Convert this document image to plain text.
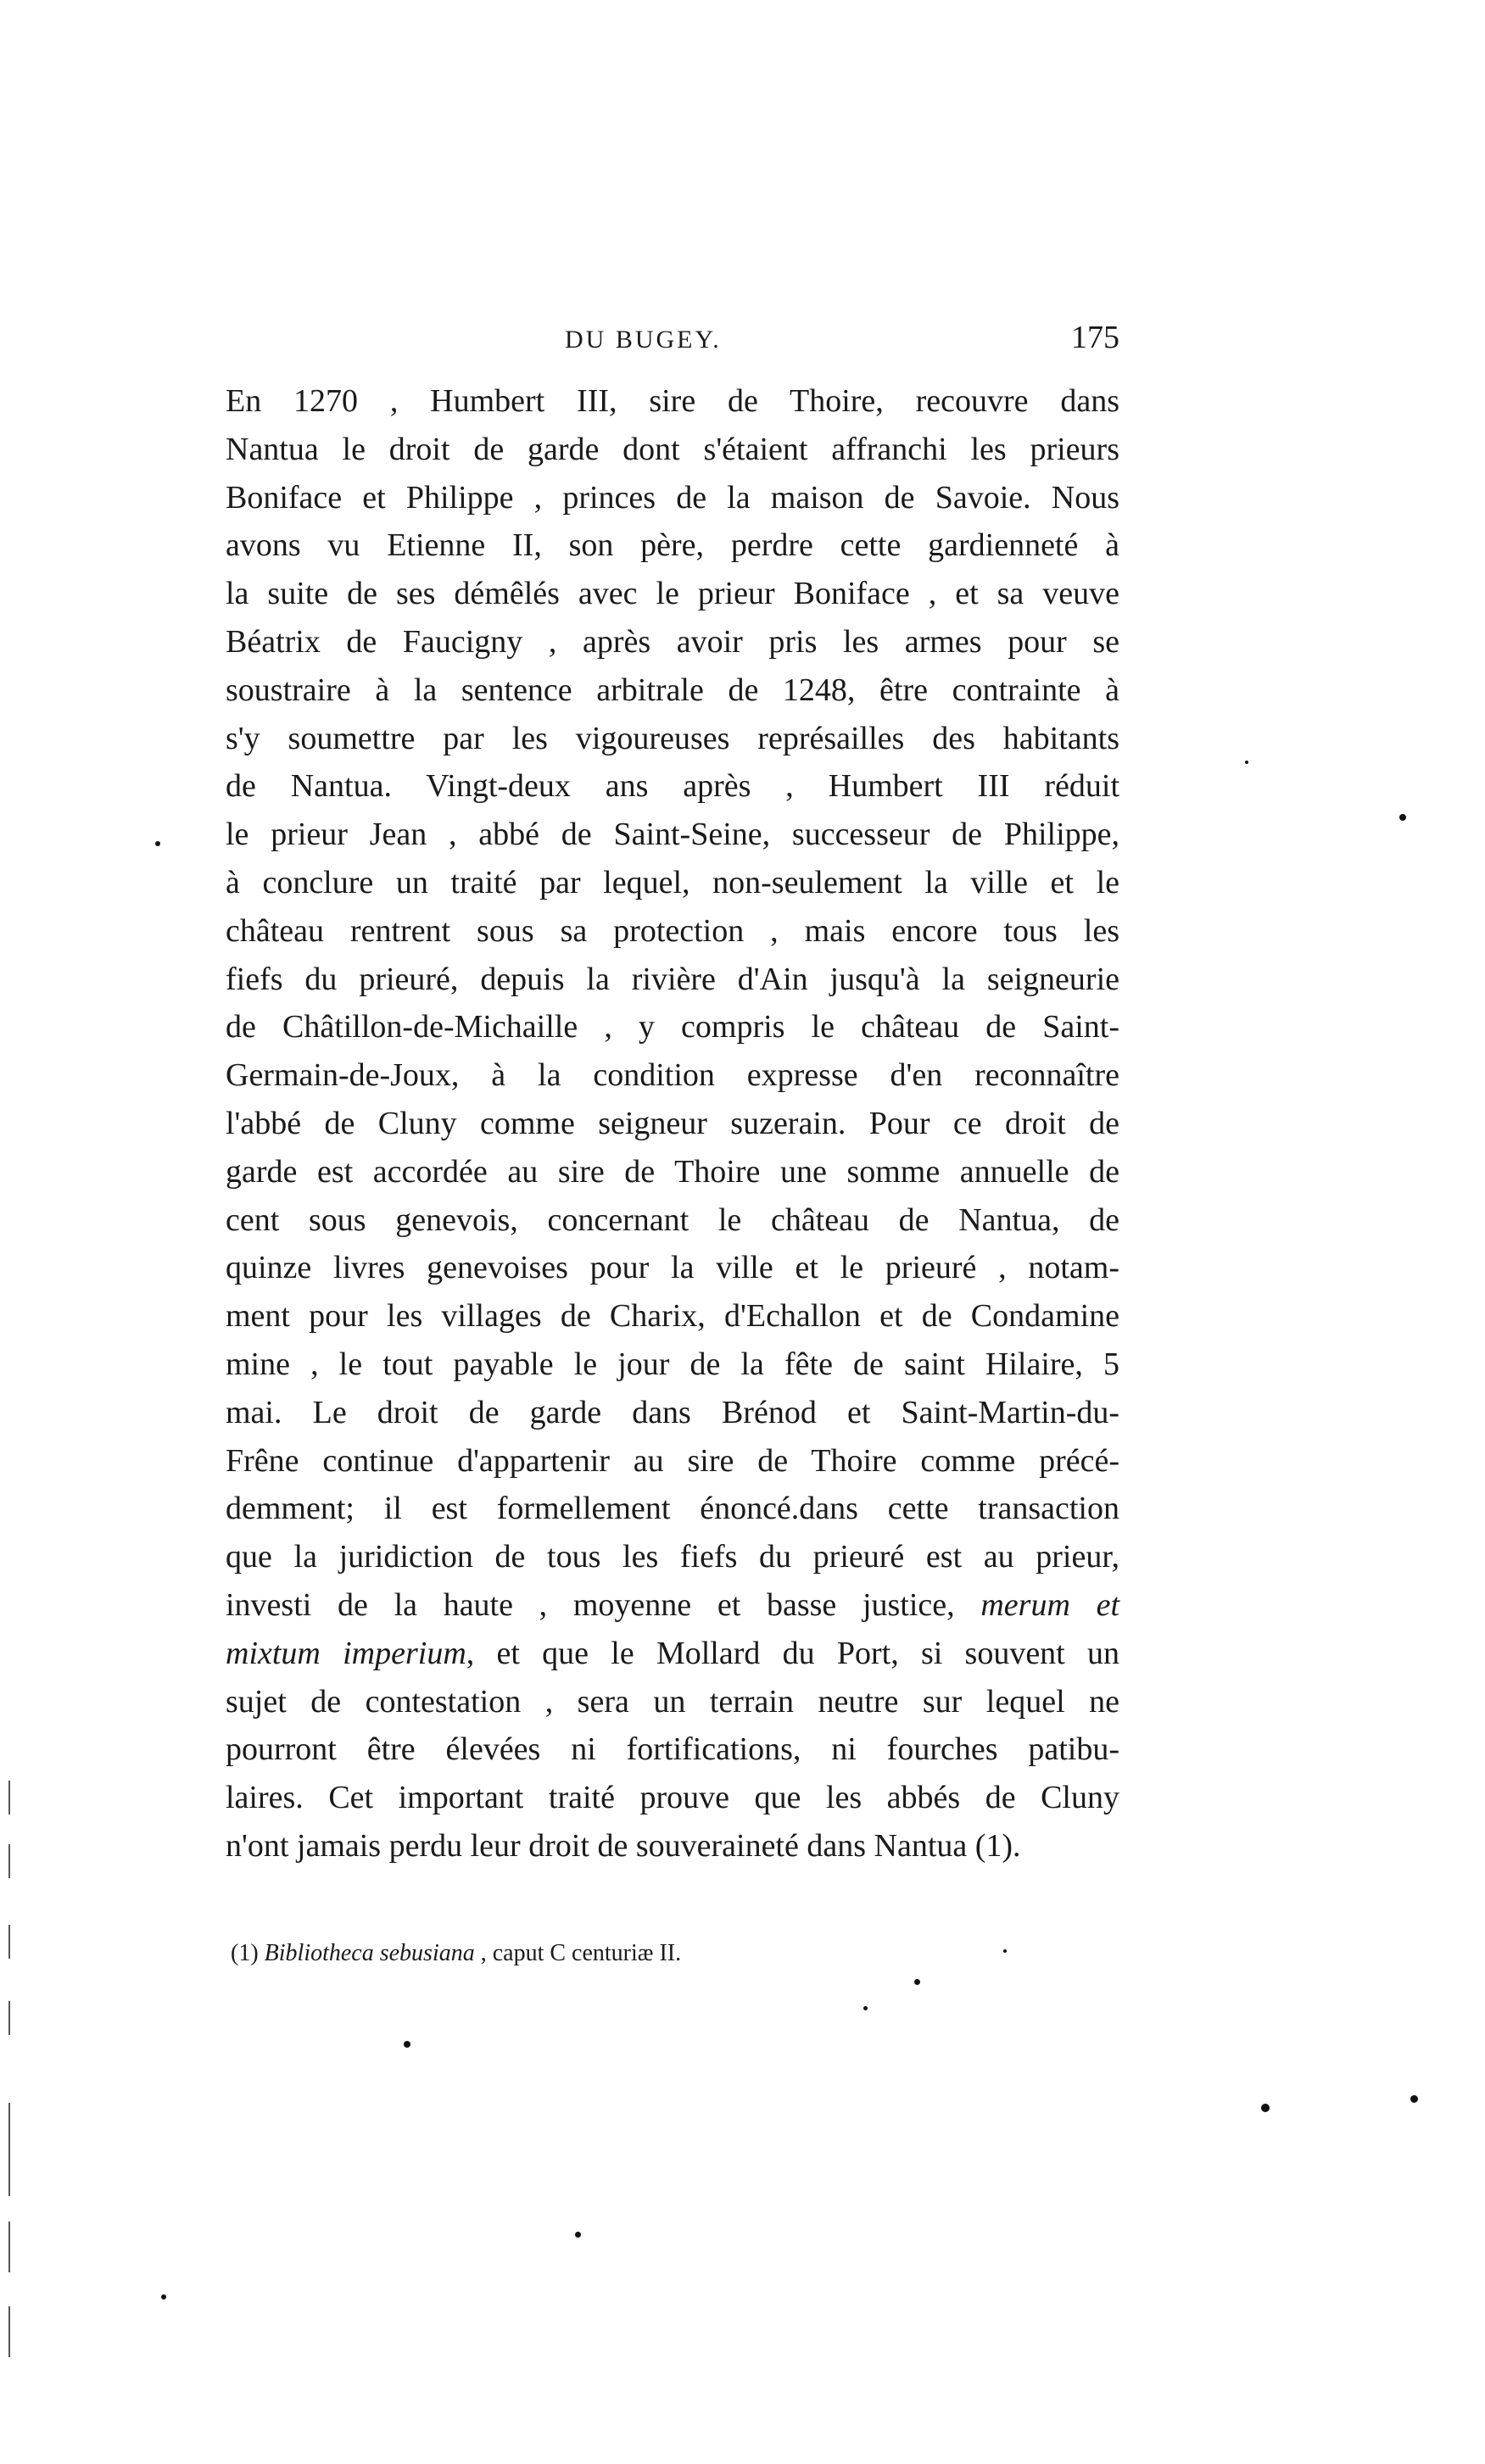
DU BUGEY.	175
En 1270 , Humbert III, sire de Thoire, recouvre dans
Nantua le droit de garde dont s'étaient affranchi les prieurs
Boniface et Philippe , princes de la maison de Savoie. Nous
avons vu Etienne II, son père, perdre cette gardienneté à
la suite de ses démêlés avec le prieur Boniface , et sa veuve
Béatrix de Faucigny , après avoir pris les armes pour se
soustraire à la sentence arbitrale de 1248, être contrainte à
s'y soumettre par les vigoureuses représailles des habitants
de Nantua. Vingt-deux ans après , Humbert III réduit
le prieur Jean , abbé de Saint-Seine, successeur de Philippe,
à conclure un traité par lequel, non-seulement la ville et le
château rentrent sous sa protection , mais encore tous les
fiefs du prieuré, depuis la rivière d'Ain jusqu'à la seigneurie
de Châtillon-de-Michaille , y compris le château de Saint-
Germain-de-Joux, à la condition expresse d'en reconnaître
l'abbé de Cluny comme seigneur suzerain. Pour ce droit de
garde est accordée au sire de Thoire une somme annuelle de
cent sous genevois, concernant le château de Nantua, de
quinze livres genevoises pour la ville et le prieuré , notam-
ment pour les villages de Charix, d'Echallon et de Condamine
mine , le tout payable le jour de la fête de saint Hilaire, 5
mai. Le droit de garde dans Brénod et Saint-Martin-du-
Frêne continue d'appartenir au sire de Thoire comme précé-
demment; il est formellement énoncé.dans cette transaction
que la juridiction de tous les fiefs du prieuré est au prieur,
investi de la haute , moyenne et basse justice, merum et
mixtum imperium, et que le Mollard du Port, si souvent un
sujet de contestation , sera un terrain neutre sur lequel ne
pourront être élevées ni fortifications, ni fourches patibu-
laires. Cet important traité prouve que les abbés de Cluny
n'ont jamais perdu leur droit de souveraineté dans Nantua (1).
(1) Bibliotheca sebusiana , caput C centuriæ II.
